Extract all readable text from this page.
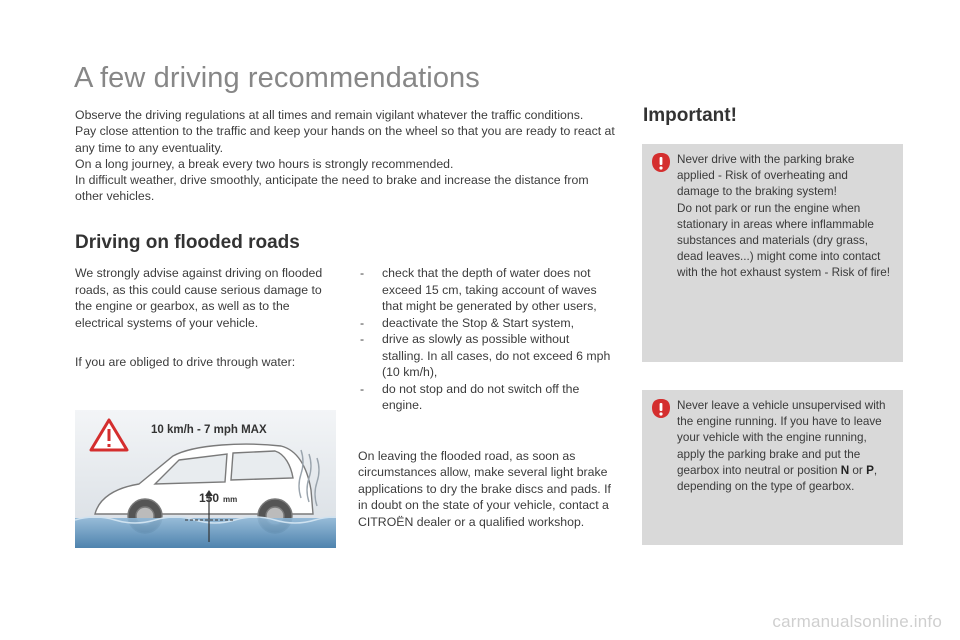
A few driving recommendations

Observe the driving regulations at all times and remain vigilant whatever the traffic conditions.

Pay close attention to the traffic and keep your hands on the wheel so that you are ready to react at any time to any eventuality.

On a long journey, a break every two hours is strongly recommended.

In difficult weather, drive smoothly, anticipate the need to brake and increase the distance from other vehicles.

Driving on flooded roads

We strongly advise against driving on flooded roads, as this could cause serious damage to the engine or gearbox, as well as to the electrical systems of your vehicle.

If you are obliged to drive through water:

10 km/h - 7 mph MAX
150 mm
- check that the depth of water does not exceed 15 cm, taking account of waves that might be generated by other users,
- deactivate the Stop & Start system,
- drive as slowly as possible without stalling. In all cases, do not exceed 6 mph (10 km/h),
- do not stop and do not switch off the engine.

On leaving the flooded road, as soon as circumstances allow, make several light brake applications to dry the brake discs and pads. If in doubt on the state of your vehicle, contact a CITROËN dealer or a qualified workshop.

Important!

Never drive with the parking brake applied - Risk of overheating and damage to the braking system!

Do not park or run the engine when stationary in areas where inflammable substances and materials (dry grass, dead leaves...) might come into contact with the hot exhaust system - Risk of fire!

Never leave a vehicle unsupervised with the engine running. If you have to leave your vehicle with the engine running, apply the parking brake and put the gearbox into neutral or position N or P, depending on the type of gearbox.

carmanualsonline.info
